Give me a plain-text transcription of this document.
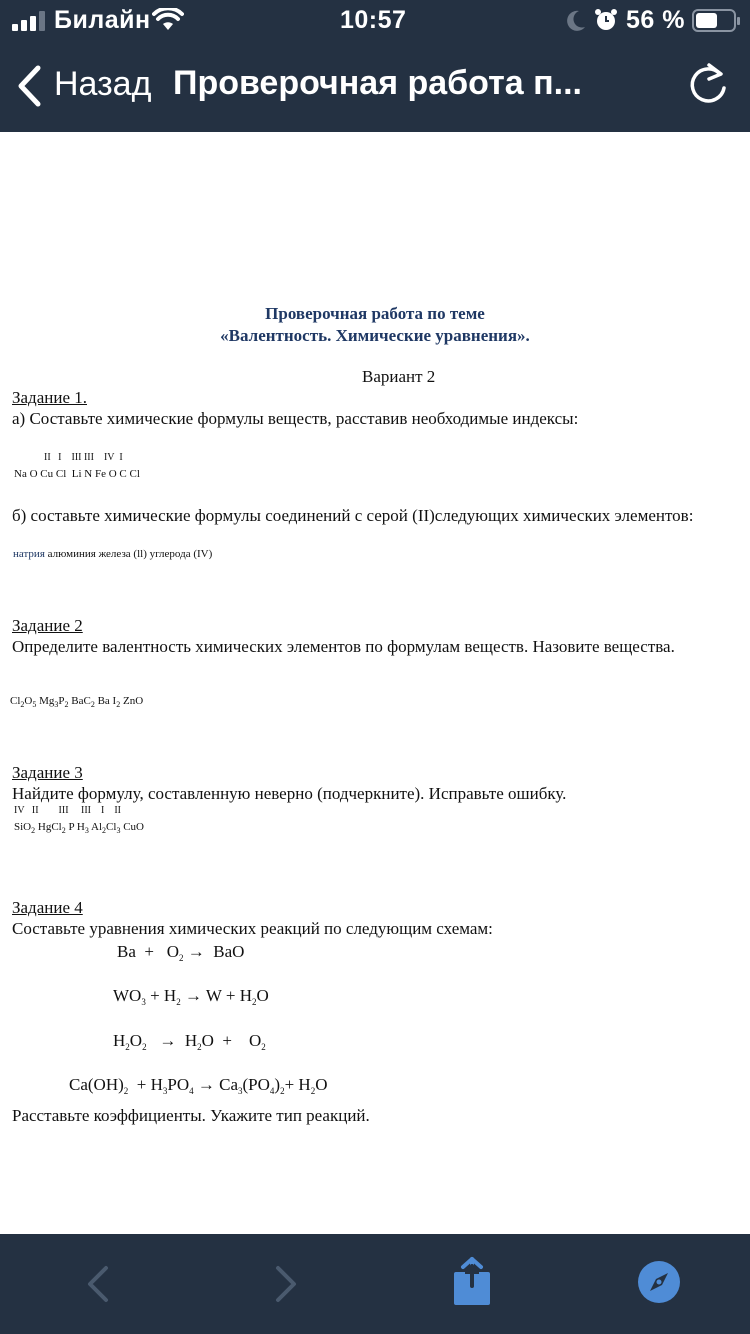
Билайн	10:57	56 %
Назад Проверочная работа п...
Проверочная работа по теме
«Валентность. Химические уравнения».
Вариант 2
Задание 1.
а) Составьте химические формулы веществ, расставив необходимые индексы:
II   I    III III    IV  I
Na O Cu Cl  Li N Fe O C Cl
б) составьте химические формулы соединений с серой (II)следующих химических элементов:
натрия алюминия железа (ll) углерода (IV)
Задание 2
Определите валентность химических элементов по формулам веществ. Назовите вещества.
$Cl_2O_5$ $Mg_3P_2$ BaC$_2$ Ba $I_2$ ZnO
Задание 3
Найдите формулу, составленную неверно (подчеркните). Исправьте ошибку.
IV   II        III     III    I    II
SiO$_2$ HgCl$_2$ P $H_3$ $Al_2Cl_3$ CuO
Задание 4
Составьте уравнения химических реакций по следующим схемам:
$Ba + O_2$ →  BaO
$WO_3 + H_2 \to W + H_2O$
$H_2O_2 \to H_2O$  +    $O_2$
$Ca(OH)_2 + H_3PO_4 \to Ca_3(PO_4)_2+ H_2O$
Расставьте коэффициенты. Укажите тип реакций.
